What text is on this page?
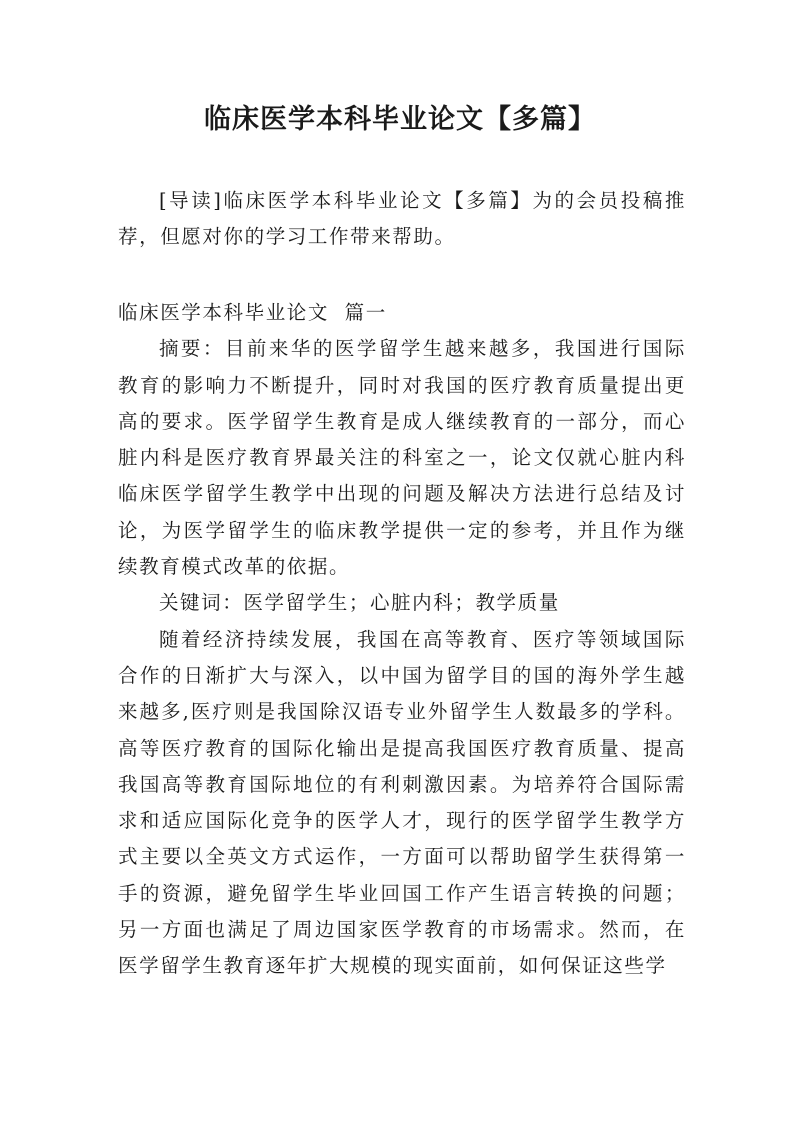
临床医学本科毕业论文【多篇】

[导读]临床医学本科毕业论文【多篇】为的会员投稿推荐，但愿对你的学习工作带来帮助。

临床医学本科毕业论文  篇一

摘要：目前来华的医学留学生越来越多，我国进行国际教育的影响力不断提升，同时对我国的医疗教育质量提出更高的要求。医学留学生教育是成人继续教育的一部分，而心脏内科是医疗教育界最关注的科室之一，论文仅就心脏内科临床医学留学生教学中出现的问题及解决方法进行总结及讨论，为医学留学生的临床教学提供一定的参考，并且作为继续教育模式改革的依据。

关键词：医学留学生；心脏内科；教学质量

随着经济持续发展，我国在高等教育、医疗等领域国际合作的日渐扩大与深入，以中国为留学目的国的海外学生越来越多,医疗则是我国除汉语专业外留学生人数最多的学科。高等医疗教育的国际化输出是提高我国医疗教育质量、提高我国高等教育国际地位的有利刺激因素。为培养符合国际需求和适应国际化竞争的医学人才，现行的医学留学生教学方式主要以全英文方式运作，一方面可以帮助留学生获得第一手的资源，避免留学生毕业回国工作产生语言转换的问题；另一方面也满足了周边国家医学教育的市场需求。然而，在医学留学生教育逐年扩大规模的现实面前，如何保证这些学
